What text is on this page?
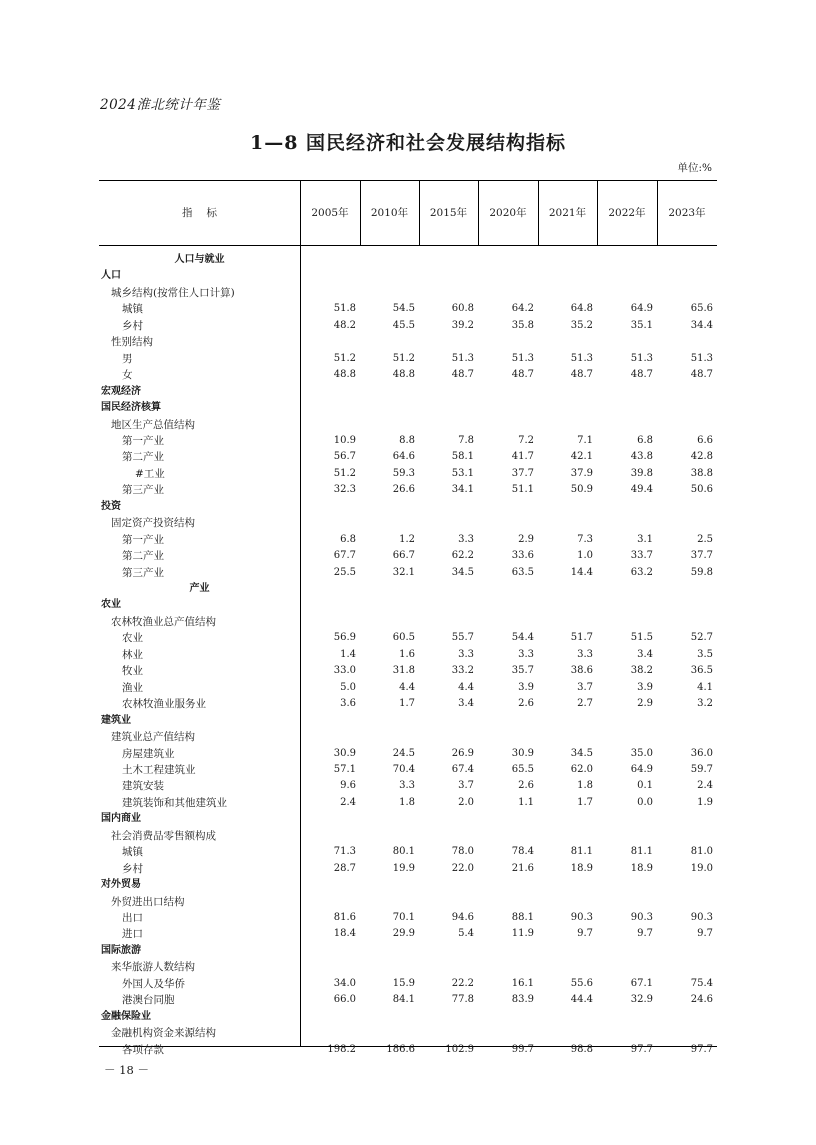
2024淮北统计年鉴
1—8 国民经济和社会发展结构指标
单位:%
指标	2005年	2010年	2015年	2020年	2021年	2022年	2023年
人口与就业
人口
城乡结构(按常住人口计算)
城镇	51.8	54.5	60.8	64.2	64.8	64.9	65.6
乡村	48.2	45.5	39.2	35.8	35.2	35.1	34.4
性别结构
男	51.2	51.2	51.3	51.3	51.3	51.3	51.3
女	48.8	48.8	48.7	48.7	48.7	48.7	48.7
宏观经济
国民经济核算
地区生产总值结构
第一产业	10.9	8.8	7.8	7.2	7.1	6.8	6.6
第二产业	56.7	64.6	58.1	41.7	42.1	43.8	42.8
#工业	51.2	59.3	53.1	37.7	37.9	39.8	38.8
第三产业	32.3	26.6	34.1	51.1	50.9	49.4	50.6
投资
固定资产投资结构
第一产业	6.8	1.2	3.3	2.9	7.3	3.1	2.5
第二产业	67.7	66.7	62.2	33.6	1.0	33.7	37.7
第三产业	25.5	32.1	34.5	63.5	14.4	63.2	59.8
产业
农业
农林牧渔业总产值结构
农业	56.9	60.5	55.7	54.4	51.7	51.5	52.7
林业	1.4	1.6	3.3	3.3	3.3	3.4	3.5
牧业	33.0	31.8	33.2	35.7	38.6	38.2	36.5
渔业	5.0	4.4	4.4	3.9	3.7	3.9	4.1
农林牧渔业服务业	3.6	1.7	3.4	2.6	2.7	2.9	3.2
建筑业
建筑业总产值结构
房屋建筑业	30.9	24.5	26.9	30.9	34.5	35.0	36.0
土木工程建筑业	57.1	70.4	67.4	65.5	62.0	64.9	59.7
建筑安装	9.6	3.3	3.7	2.6	1.8	0.1	2.4
建筑装饰和其他建筑业	2.4	1.8	2.0	1.1	1.7	0.0	1.9
国内商业
社会消费品零售额构成
城镇	71.3	80.1	78.0	78.4	81.1	81.1	81.0
乡村	28.7	19.9	22.0	21.6	18.9	18.9	19.0
对外贸易
外贸进出口结构
出口	81.6	70.1	94.6	88.1	90.3	90.3	90.3
进口	18.4	29.9	5.4	11.9	9.7	9.7	9.7
国际旅游
来华旅游人数结构
外国人及华侨	34.0	15.9	22.2	16.1	55.6	67.1	75.4
港澳台同胞	66.0	84.1	77.8	83.9	44.4	32.9	24.6
金融保险业
金融机构资金来源结构
各项存款	198.2	186.6	102.9	99.7	98.8	97.7	97.7
－ 18 －
